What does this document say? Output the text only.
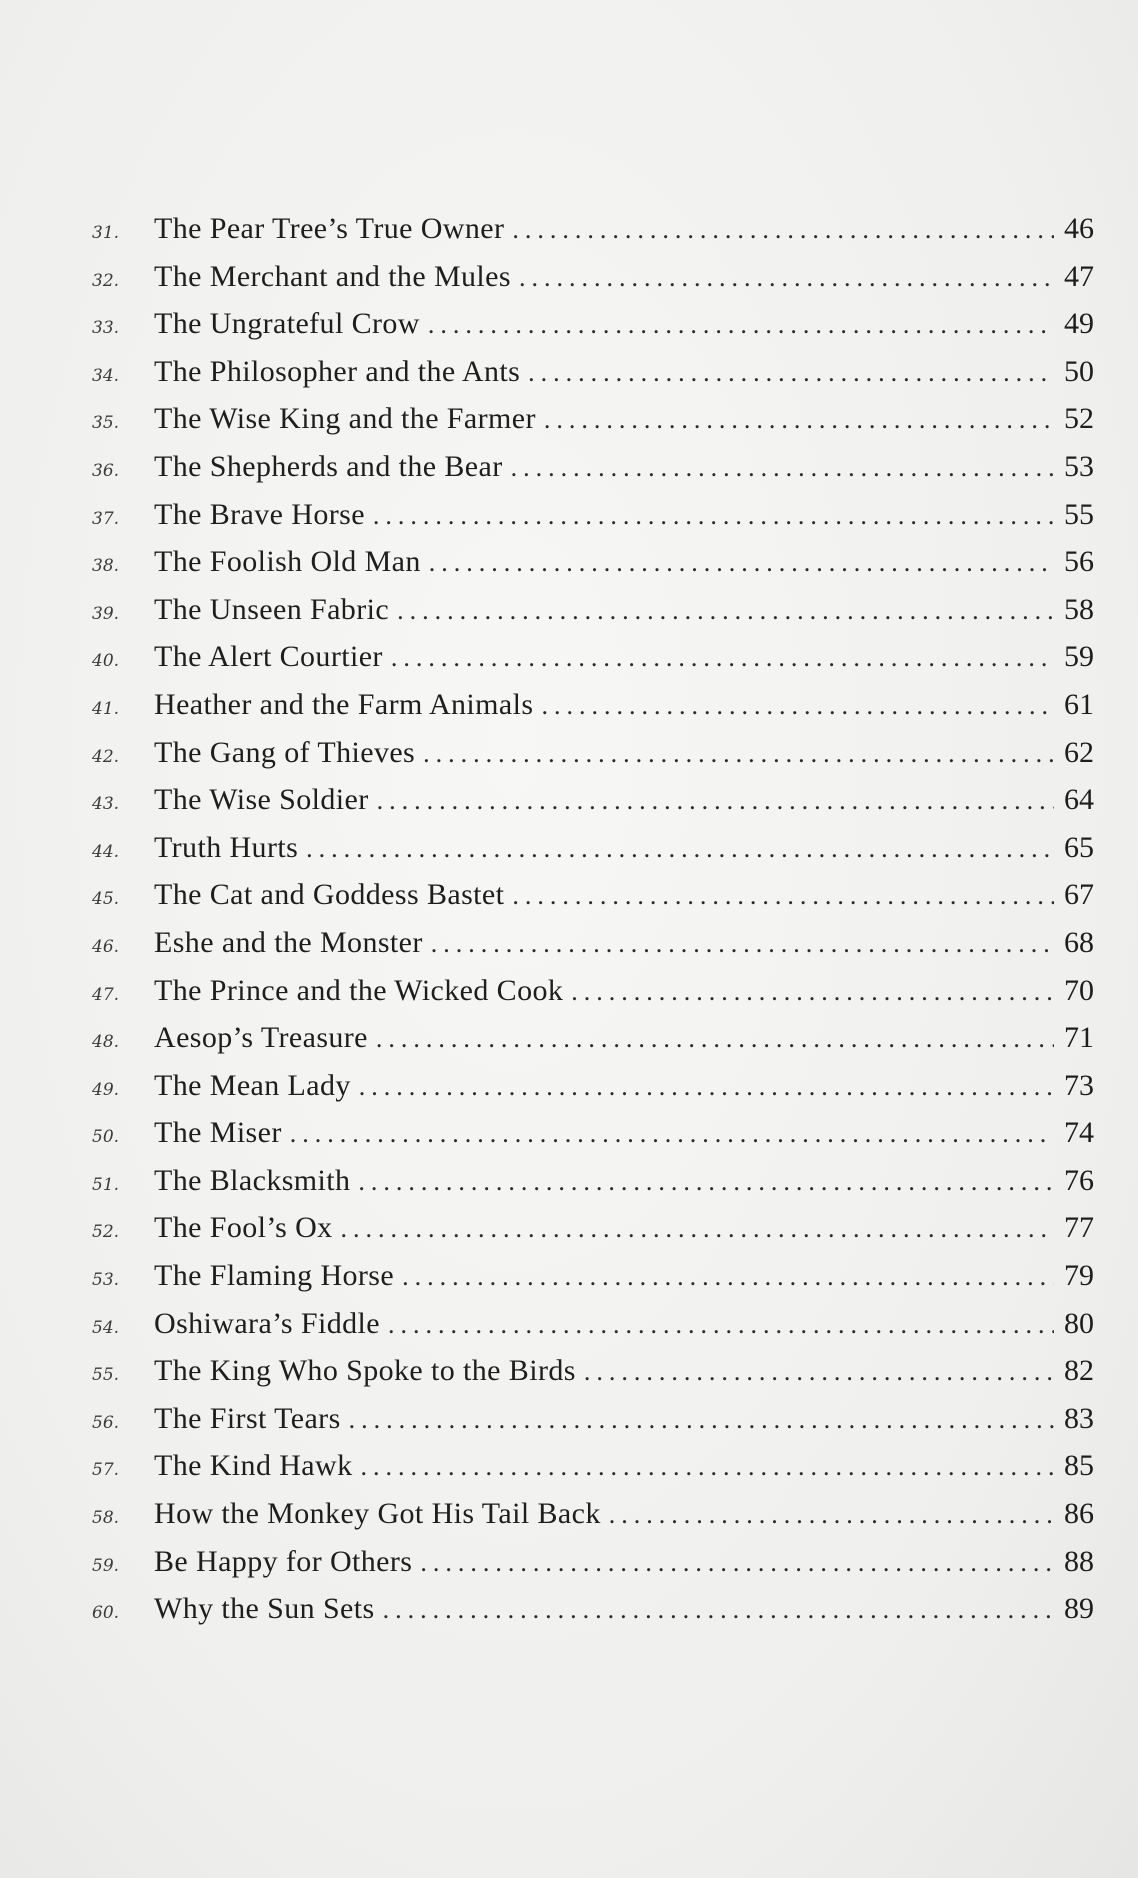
31.	The Pear Tree’s True Owner .....	46
32.	The Merchant and the Mules .....	47
33.	The Ungrateful Crow .....	49
34.	The Philosopher and the Ants .....	50
35.	The Wise King and the Farmer .....	52
36.	The Shepherds and the Bear .....	53
37.	The Brave Horse .....	55
38.	The Foolish Old Man .....	56
39.	The Unseen Fabric .....	58
40.	The Alert Courtier .....	59
41.	Heather and the Farm Animals .....	61
42.	The Gang of Thieves .....	62
43.	The Wise Soldier .....	64
44.	Truth Hurts .....	65
45.	The Cat and Goddess Bastet .....	67
46.	Eshe and the Monster .....	68
47.	The Prince and the Wicked Cook .....	70
48.	Aesop’s Treasure .....	71
49.	The Mean Lady .....	73
50.	The Miser .....	74
51.	The Blacksmith .....	76
52.	The Fool’s Ox .....	77
53.	The Flaming Horse .....	79
54.	Oshiwara’s Fiddle .....	80
55.	The King Who Spoke to the Birds .....	82
56.	The First Tears .....	83
57.	The Kind Hawk .....	85
58.	How the Monkey Got His Tail Back .....	86
59.	Be Happy for Others .....	88
60.	Why the Sun Sets .....	89
